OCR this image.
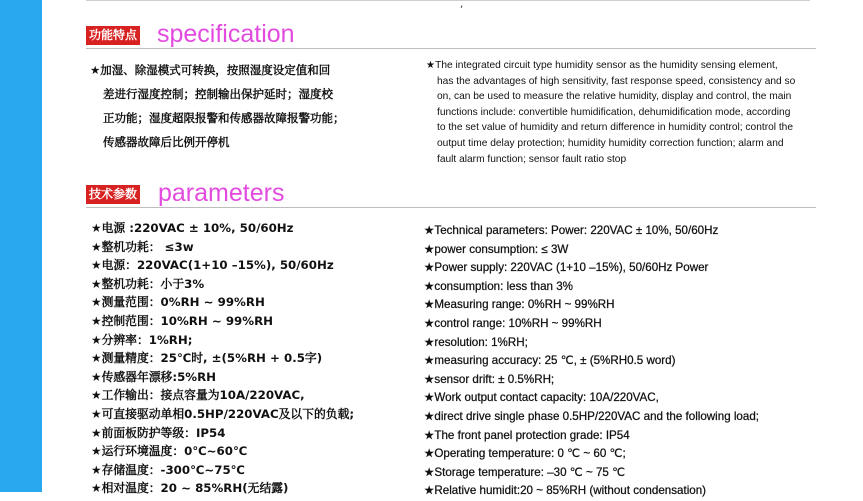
,
功能特点 specification
★加湿、除湿模式可转换，按照湿度设定值和回
差进行湿度控制；控制输出保护延时；湿度校
正功能；湿度超限报警和传感器故障报警功能；
传感器故障后比例开停机
★The integrated circuit type humidity sensor as the humidity sensing element,
has the advantages of high sensitivity, fast response speed, consistency and so
on, can be used to measure the relative humidity, display and control, the main
functions include: convertible humidification, dehumidification mode, according
to the set value of humidity and return difference in humidity control; control the
output time delay protection; humidity humidity correction function; alarm and
fault alarm function; sensor fault ratio stop
技术参数 parameters
★电源 :220VAC ± 10%, 50/60Hz
★整机功耗： ≤3w
★电源：220VAC(1+10 –15%), 50/60Hz
★整机功耗：小于3%
★测量范围：0%RH ~ 99%RH
★控制范围：10%RH ~ 99%RH
★分辨率：1%RH;
★测量精度：25℃时, ±(5%RH + 0.5字)
★传感器年漂移:5%RH
★工作输出：接点容量为10A/220VAC,
★可直接驱动单相0.5HP/220VAC及以下的负载;
★前面板防护等级：IP54
★运行环境温度：0℃~60℃
★存储温度：-300℃~75℃
★相对温度：20 ~ 85%RH(无结露)
★Technical parameters: Power: 220VAC ± 10%, 50/60Hz
★power consumption: ≤ 3W
★Power supply: 220VAC (1+10 –15%), 50/60Hz Power
★consumption: less than 3%
★Measuring range: 0%RH ~ 99%RH
★control range: 10%RH ~ 99%RH
★resolution: 1%RH;
★measuring accuracy: 25 ℃, ± (5%RH0.5 word)
★sensor drift: ± 0.5%RH;
★Work output contact capacity: 10A/220VAC,
★direct drive single phase 0.5HP/220VAC and the following load;
★The front panel protection grade: IP54
★Operating temperature: 0 ℃ ~ 60 ℃;
★Storage temperature: –30 ℃ ~ 75 ℃
★Relative humidit:20 ~ 85%RH (without condensation)
